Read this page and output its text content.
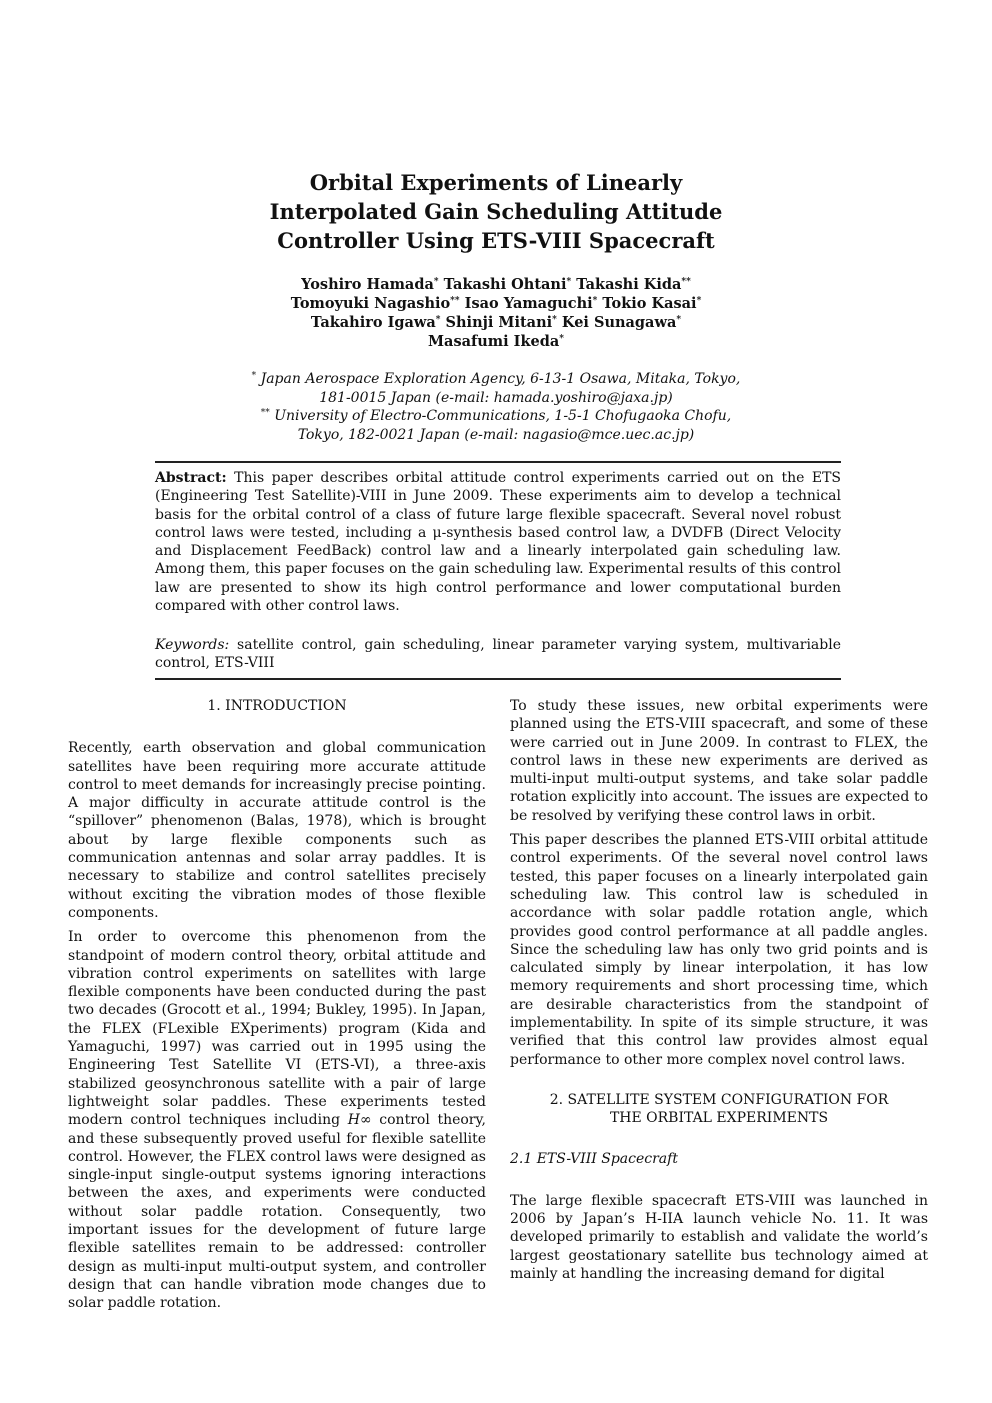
Orbital Experiments of Linearly
Interpolated Gain Scheduling Attitude
Controller Using ETS-VIII Spacecraft
Yoshiro Hamada* Takashi Ohtani* Takashi Kida**
Tomoyuki Nagashio** Isao Yamaguchi* Tokio Kasai*
Takahiro Igawa* Shinji Mitani* Kei Sunagawa*
Masafumi Ikeda*
* Japan Aerospace Exploration Agency, 6-13-1 Osawa, Mitaka, Tokyo,
181-0015 Japan (e-mail: hamada.yoshiro@jaxa.jp)
** University of Electro-Communications, 1-5-1 Chofugaoka Chofu,
Tokyo, 182-0021 Japan (e-mail: nagasio@mce.uec.ac.jp)
Abstract: This paper describes orbital attitude control experiments carried out on the ETS (Engineering Test Satellite)-VIII in June 2009. These experiments aim to develop a technical basis for the orbital control of a class of future large flexible spacecraft. Several novel robust control laws were tested, including a μ-synthesis based control law, a DVDFB (Direct Velocity and Displacement FeedBack) control law and a linearly interpolated gain scheduling law. Among them, this paper focuses on the gain scheduling law. Experimental results of this control law are presented to show its high control performance and lower computational burden compared with other control laws.
Keywords: satellite control, gain scheduling, linear parameter varying system, multivariable control, ETS-VIII
1. INTRODUCTION

Recently, earth observation and global communication satellites have been requiring more accurate attitude control to meet demands for increasingly precise pointing. A major difficulty in accurate attitude control is the “spillover” phenomenon (Balas, 1978), which is brought about by large flexible components such as communication antennas and solar array paddles. It is necessary to stabilize and control satellites precisely without exciting the vibration modes of those flexible components.

In order to overcome this phenomenon from the standpoint of modern control theory, orbital attitude and vibration control experiments on satellites with large flexible components have been conducted during the past two decades (Grocott et al., 1994; Bukley, 1995). In Japan, the FLEX (FLexible EXperiments) program (Kida and Yamaguchi, 1997) was carried out in 1995 using the Engineering Test Satellite VI (ETS-VI), a three-axis stabilized geosynchronous satellite with a pair of large lightweight solar paddles. These experiments tested modern control techniques including H∞ control theory, and these subsequently proved useful for flexible satellite control. However, the FLEX control laws were designed as single-input single-output systems ignoring interactions between the axes, and experiments were conducted without solar paddle rotation. Consequently, two important issues for the development of future large flexible satellites remain to be addressed: controller design as multi-input multi-output system, and controller design that can handle vibration mode changes due to solar paddle rotation.

To study these issues, new orbital experiments were planned using the ETS-VIII spacecraft, and some of these were carried out in June 2009. In contrast to FLEX, the control laws in these new experiments are derived as multi-input multi-output systems, and take solar paddle rotation explicitly into account. The issues are expected to be resolved by verifying these control laws in orbit.

This paper describes the planned ETS-VIII orbital attitude control experiments. Of the several novel control laws tested, this paper focuses on a linearly interpolated gain scheduling law. This control law is scheduled in accordance with solar paddle rotation angle, which provides good control performance at all paddle angles. Since the scheduling law has only two grid points and is calculated simply by linear interpolation, it has low memory requirements and short processing time, which are desirable characteristics from the standpoint of implementability. In spite of its simple structure, it was verified that this control law provides almost equal performance to other more complex novel control laws.

2. SATELLITE SYSTEM CONFIGURATION FOR
THE ORBITAL EXPERIMENTS
2.1 ETS-VIII Spacecraft

The large flexible spacecraft ETS-VIII was launched in 2006 by Japan’s H-IIA launch vehicle No. 11. It was developed primarily to establish and validate the world’s largest geostationary satellite bus technology aimed at mainly at handling the increasing demand for digital
